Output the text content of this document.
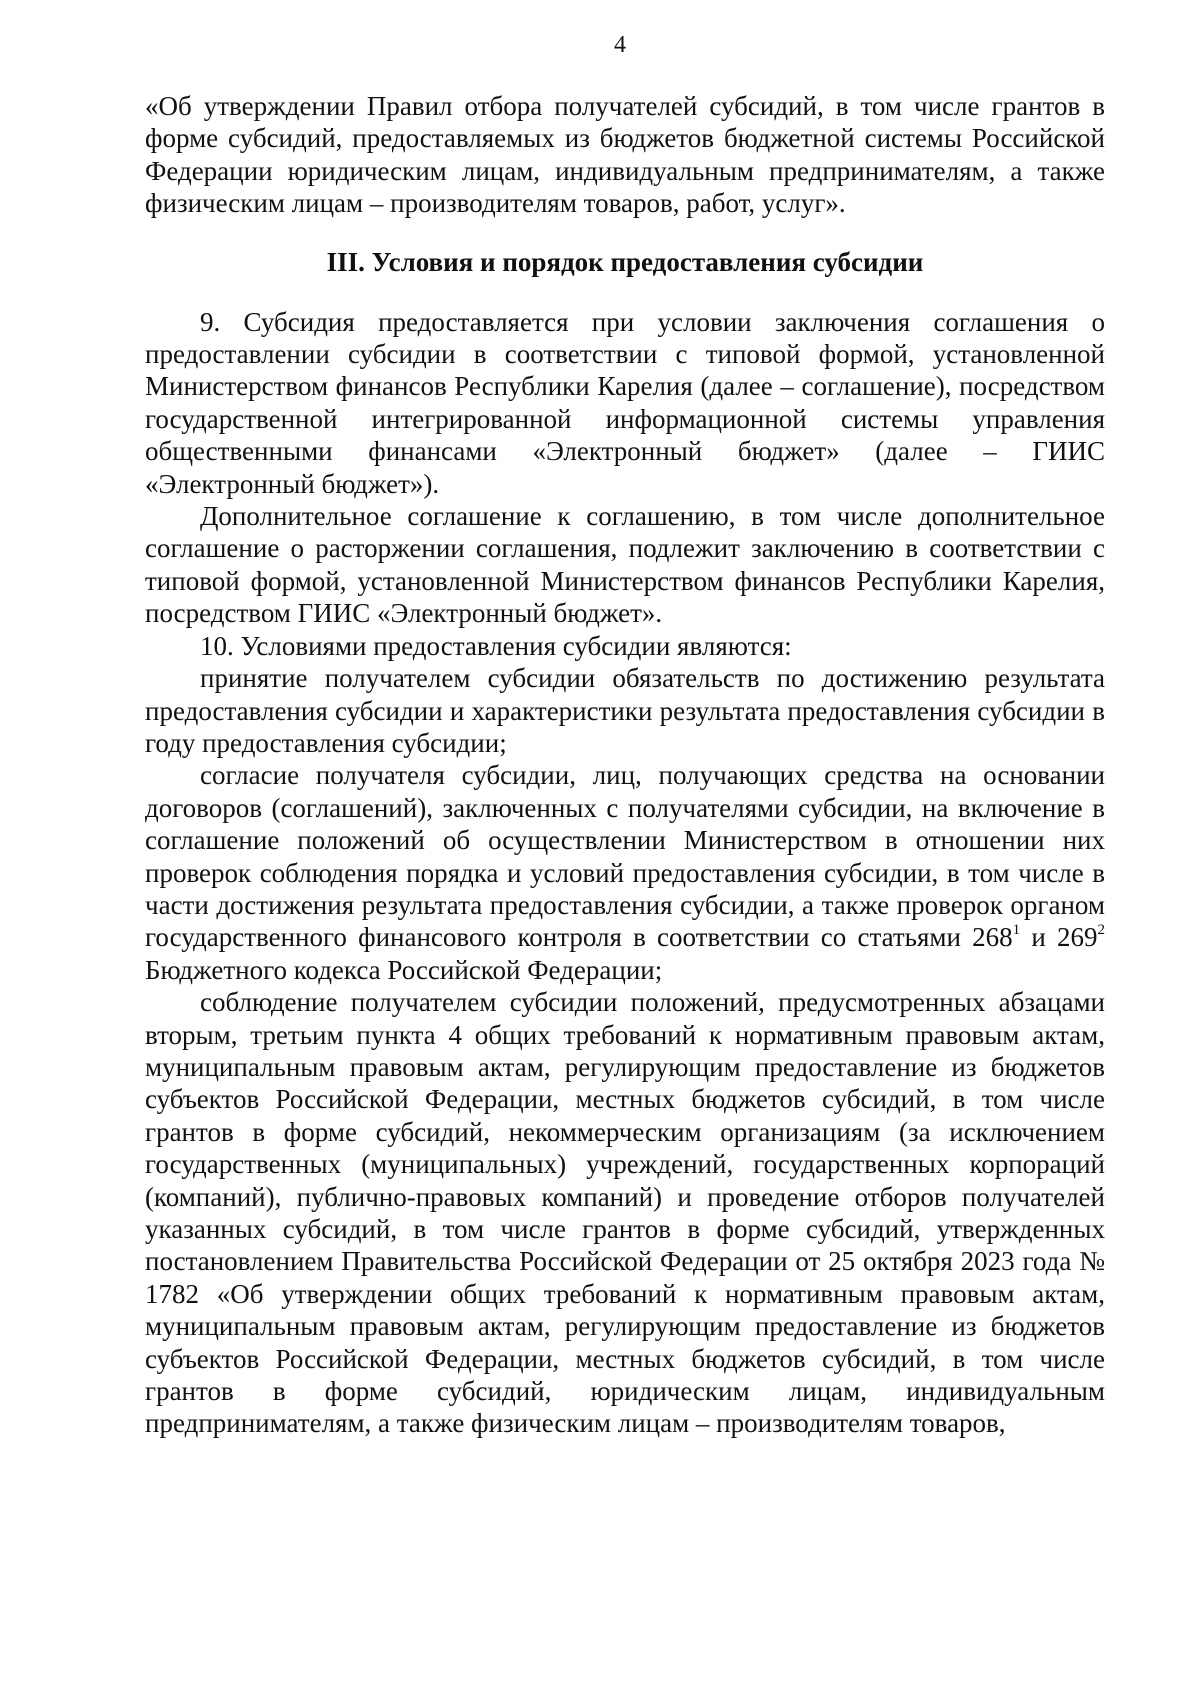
4

«Об утверждении Правил отбора получателей субсидий, в том числе грантов в форме субсидий, предоставляемых из бюджетов бюджетной системы Российской Федерации юридическим лицам, индивидуальным предпринимателям, а также физическим лицам – производителям товаров, работ, услуг».

III. Условия и порядок предоставления субсидии

9. Субсидия предоставляется при условии заключения соглашения о предоставлении субсидии в соответствии с типовой формой, установленной Министерством финансов Республики Карелия (далее – соглашение), посредством государственной интегрированной информационной системы управления общественными финансами «Электронный бюджет» (далее – ГИИС «Электронный бюджет»).

Дополнительное соглашение к соглашению, в том числе дополнительное соглашение о расторжении соглашения, подлежит заключению в соответствии с типовой формой, установленной Министерством финансов Республики Карелия, посредством ГИИС «Электронный бюджет».

10. Условиями предоставления субсидии являются:

принятие получателем субсидии обязательств по достижению результата предоставления субсидии и характеристики результата предоставления субсидии в году предоставления субсидии;

согласие получателя субсидии, лиц, получающих средства на основании договоров (соглашений), заключенных с получателями субсидии, на включение в соглашение положений об осуществлении Министерством в отношении них проверок соблюдения порядка и условий предоставления субсидии, в том числе в части достижения результата предоставления субсидии, а также проверок органом государственного финансового контроля в соответствии со статьями $268^1$ и $269^2$ Бюджетного кодекса Российской Федерации;

соблюдение получателем субсидии положений, предусмотренных абзацами вторым, третьим пункта 4 общих требований к нормативным правовым актам, муниципальным правовым актам, регулирующим предоставление из бюджетов субъектов Российской Федерации, местных бюджетов субсидий, в том числе грантов в форме субсидий, некоммерческим организациям (за исключением государственных (муниципальных) учреждений, государственных корпораций (компаний), публично-правовых компаний) и проведение отборов получателей указанных субсидий, в том числе грантов в форме субсидий, утвержденных постановлением Правительства Российской Федерации от 25 октября 2023 года № 1782 «Об утверждении общих требований к нормативным правовым актам, муниципальным правовым актам, регулирующим предоставление из бюджетов субъектов Российской Федерации, местных бюджетов субсидий, в том числе грантов в форме субсидий, юридическим лицам, индивидуальным предпринимателям, а также физическим лицам – производителям товаров,
